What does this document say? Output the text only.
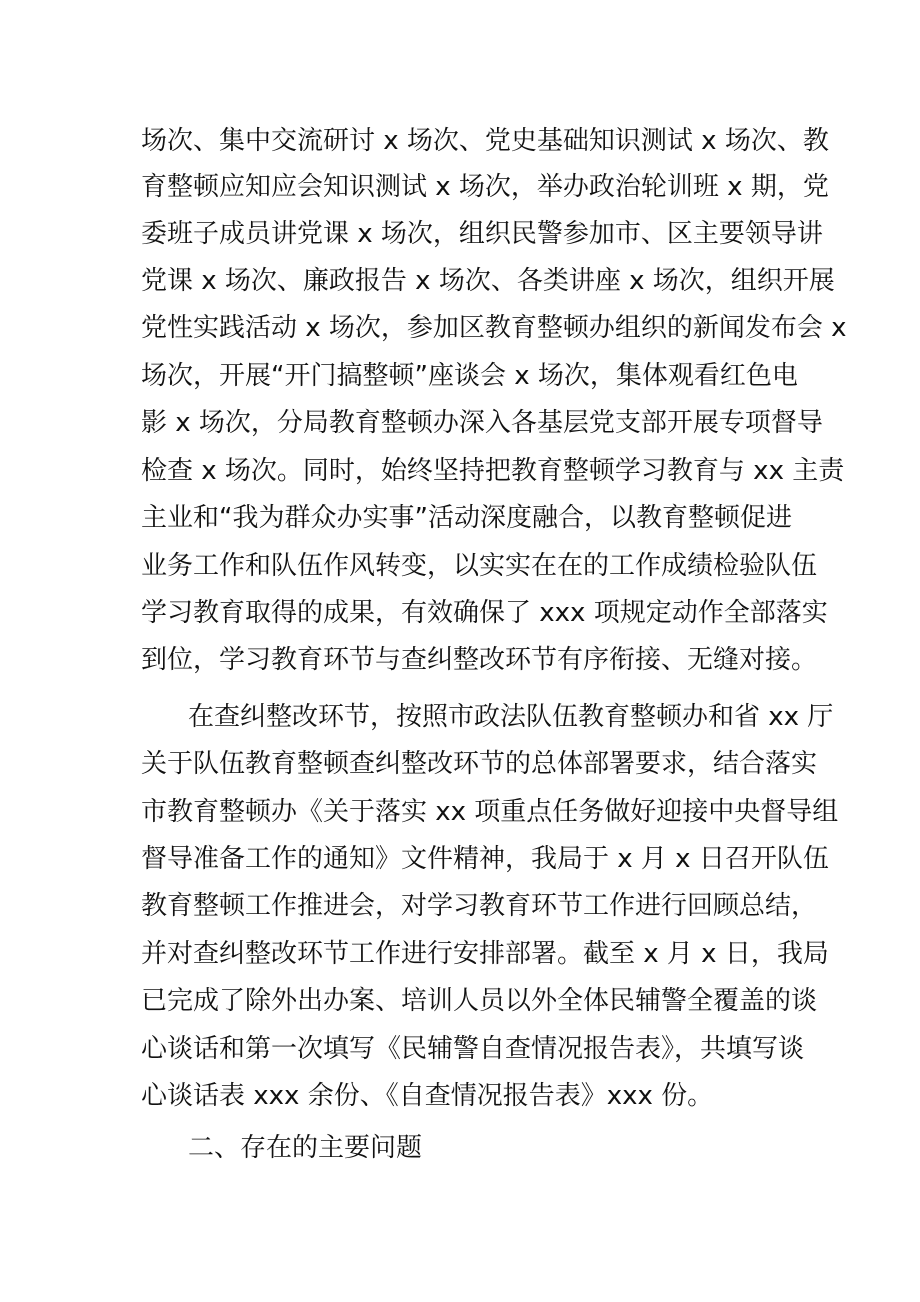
场次、集中交流研讨 x 场次、党史基础知识测试 x 场次、教
育整顿应知应会知识测试 x 场次，举办政治轮训班 x 期，党
委班子成员讲党课 x 场次，组织民警参加市、区主要领导讲
党课 x 场次、廉政报告 x 场次、各类讲座 x 场次，组织开展
党性实践活动 x 场次，参加区教育整顿办组织的新闻发布会 x
场次，开展“开门搞整顿”座谈会 x 场次，集体观看红色电
影 x 场次，分局教育整顿办深入各基层党支部开展专项督导
检查 x 场次。同时，始终坚持把教育整顿学习教育与 xx 主责
主业和“我为群众办实事”活动深度融合，以教育整顿促进
业务工作和队伍作风转变，以实实在在的工作成绩检验队伍
学习教育取得的成果，有效确保了 xxx 项规定动作全部落实
到位，学习教育环节与查纠整改环节有序衔接、无缝对接。
在查纠整改环节，按照市政法队伍教育整顿办和省 xx 厅
关于队伍教育整顿查纠整改环节的总体部署要求，结合落实
市教育整顿办《关于落实 xx 项重点任务做好迎接中央督导组
督导准备工作的通知》文件精神，我局于 x 月 x 日召开队伍
教育整顿工作推进会，对学习教育环节工作进行回顾总结，
并对查纠整改环节工作进行安排部署。截至 x 月 x 日，我局
已完成了除外出办案、培训人员以外全体民辅警全覆盖的谈
心谈话和第一次填写《民辅警自查情况报告表》，共填写谈
心谈话表 xxx 余份、《自查情况报告表》xxx 份。
二、存在的主要问题
